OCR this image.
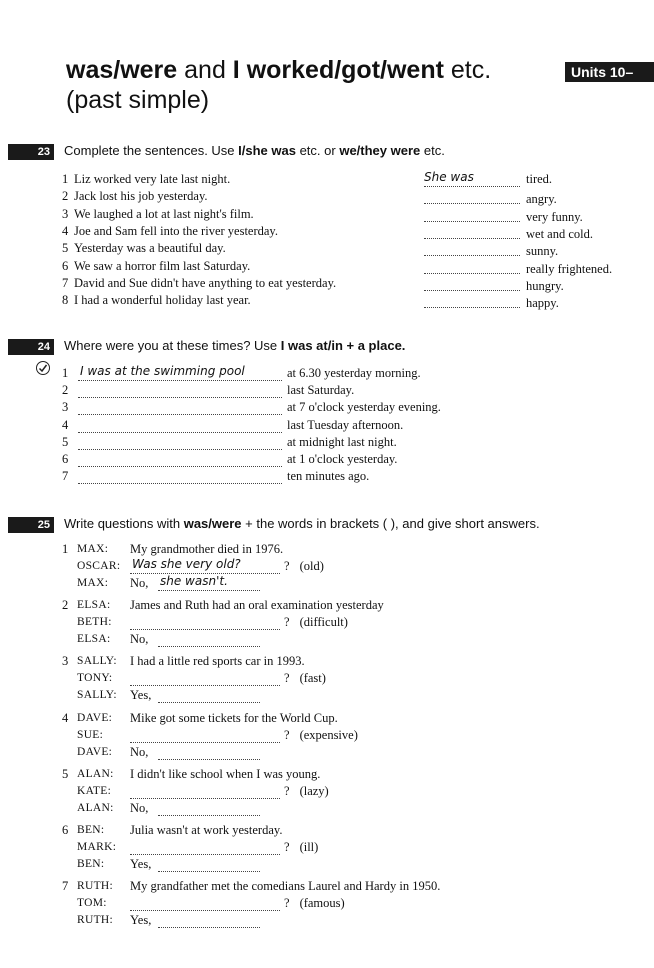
was/were and I worked/got/went etc.
(past simple)
Units 10–
23	Complete the sentences. Use I/she was etc. or we/they were etc.
1 Liz worked very late last night.	She was	tired.
2 Jack lost his job yesterday.	angry.
3 We laughed a lot at last night's film.	very funny.
4 Joe and Sam fell into the river yesterday.	wet and cold.
5 Yesterday was a beautiful day.	sunny.
6 We saw a horror film last Saturday.	really frightened.
7 David and Sue didn't have anything to eat yesterday.	hungry.
8 I had a wonderful holiday last year.	happy.
24	Where were you at these times? Use I was at/in + a place.
1 I was at the swimming pool	at 6.30 yesterday morning.
2	last Saturday.
3	at 7 o'clock yesterday evening.
4	last Tuesday afternoon.
5	at midnight last night.
6	at 1 o'clock yesterday.
7	ten minutes ago.
25	Write questions with was/were + the words in brackets ( ), and give short answers.
1 MAX: My grandmother died in 1976.
OSCAR: Was she very old?	? (old)
MAX: No, she wasn't.
2 ELSA: James and Ruth had an oral examination yesterday
BETH:	? (difficult)
ELSA: No,
3 SALLY: I had a little red sports car in 1993.
TONY:	? (fast)
SALLY: Yes,
4 DAVE: Mike got some tickets for the World Cup.
SUE:	? (expensive)
DAVE: No,
5 ALAN: I didn't like school when I was young.
KATE:	? (lazy)
ALAN: No,
6 BEN: Julia wasn't at work yesterday.
MARK:	? (ill)
BEN: Yes,
7 RUTH: My grandfather met the comedians Laurel and Hardy in 1950.
TOM:	? (famous)
RUTH: Yes,
